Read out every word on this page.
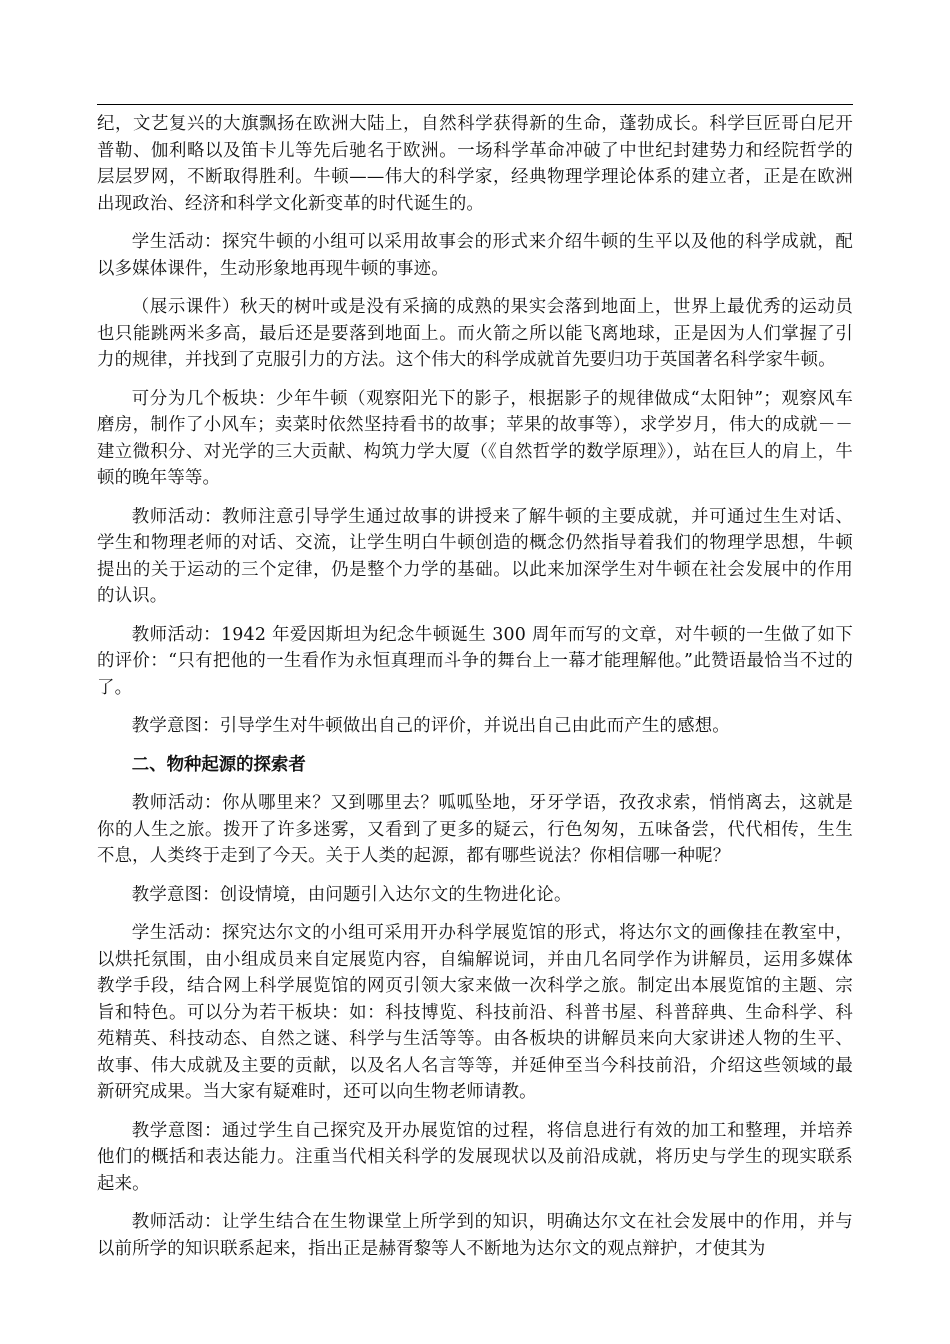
纪，文艺复兴的大旗飘扬在欧洲大陆上，自然科学获得新的生命，蓬勃成长。科学巨匠哥白尼开普勒、伽利略以及笛卡儿等先后驰名于欧洲。一场科学革命冲破了中世纪封建势力和经院哲学的层层罗网，不断取得胜利。牛顿——伟大的科学家，经典物理学理论体系的建立者，正是在欧洲出现政治、经济和科学文化新变革的时代诞生的。

学生活动：探究牛顿的小组可以采用故事会的形式来介绍牛顿的生平以及他的科学成就，配以多媒体课件，生动形象地再现牛顿的事迹。

（展示课件）秋天的树叶或是没有采摘的成熟的果实会落到地面上，世界上最优秀的运动员也只能跳两米多高，最后还是要落到地面上。而火箭之所以能飞离地球，正是因为人们掌握了引力的规律，并找到了克服引力的方法。这个伟大的科学成就首先要归功于英国著名科学家牛顿。

可分为几个板块：少年牛顿（观察阳光下的影子，根据影子的规律做成“太阳钟”；观察风车磨房，制作了小风车；卖菜时依然坚持看书的故事；苹果的故事等），求学岁月，伟大的成就－－建立微积分、对光学的三大贡献、构筑力学大厦（《自然哲学的数学原理》），站在巨人的肩上，牛顿的晚年等等。

教师活动：教师注意引导学生通过故事的讲授来了解牛顿的主要成就，并可通过生生对话、学生和物理老师的对话、交流，让学生明白牛顿创造的概念仍然指导着我们的物理学思想，牛顿提出的关于运动的三个定律，仍是整个力学的基础。以此来加深学生对牛顿在社会发展中的作用的认识。

教师活动：1942 年爱因斯坦为纪念牛顿诞生 300 周年而写的文章，对牛顿的一生做了如下的评价：“只有把他的一生看作为永恒真理而斗争的舞台上一幕才能理解他。”此赞语最恰当不过的了。

教学意图：引导学生对牛顿做出自己的评价，并说出自己由此而产生的感想。

二、物种起源的探索者

教师活动：你从哪里来？又到哪里去？呱呱坠地，牙牙学语，孜孜求索，悄悄离去，这就是你的人生之旅。拨开了许多迷雾，又看到了更多的疑云，行色匆匆，五味备尝，代代相传，生生不息，人类终于走到了今天。关于人类的起源，都有哪些说法？你相信哪一种呢？

教学意图：创设情境，由问题引入达尔文的生物进化论。

学生活动：探究达尔文的小组可采用开办科学展览馆的形式，将达尔文的画像挂在教室中，以烘托氛围，由小组成员来自定展览内容，自编解说词，并由几名同学作为讲解员，运用多媒体教学手段，结合网上科学展览馆的网页引领大家来做一次科学之旅。制定出本展览馆的主题、宗旨和特色。可以分为若干板块：如：科技博览、科技前沿、科普书屋、科普辞典、生命科学、科苑精英、科技动态、自然之谜、科学与生活等等。由各板块的讲解员来向大家讲述人物的生平、故事、伟大成就及主要的贡献，以及名人名言等等，并延伸至当今科技前沿，介绍这些领域的最新研究成果。当大家有疑难时，还可以向生物老师请教。

教学意图：通过学生自己探究及开办展览馆的过程，将信息进行有效的加工和整理，并培养他们的概括和表达能力。注重当代相关科学的发展现状以及前沿成就，将历史与学生的现实联系起来。

教师活动：让学生结合在生物课堂上所学到的知识，明确达尔文在社会发展中的作用，并与以前所学的知识联系起来，指出正是赫胥黎等人不断地为达尔文的观点辩护，才使其为
